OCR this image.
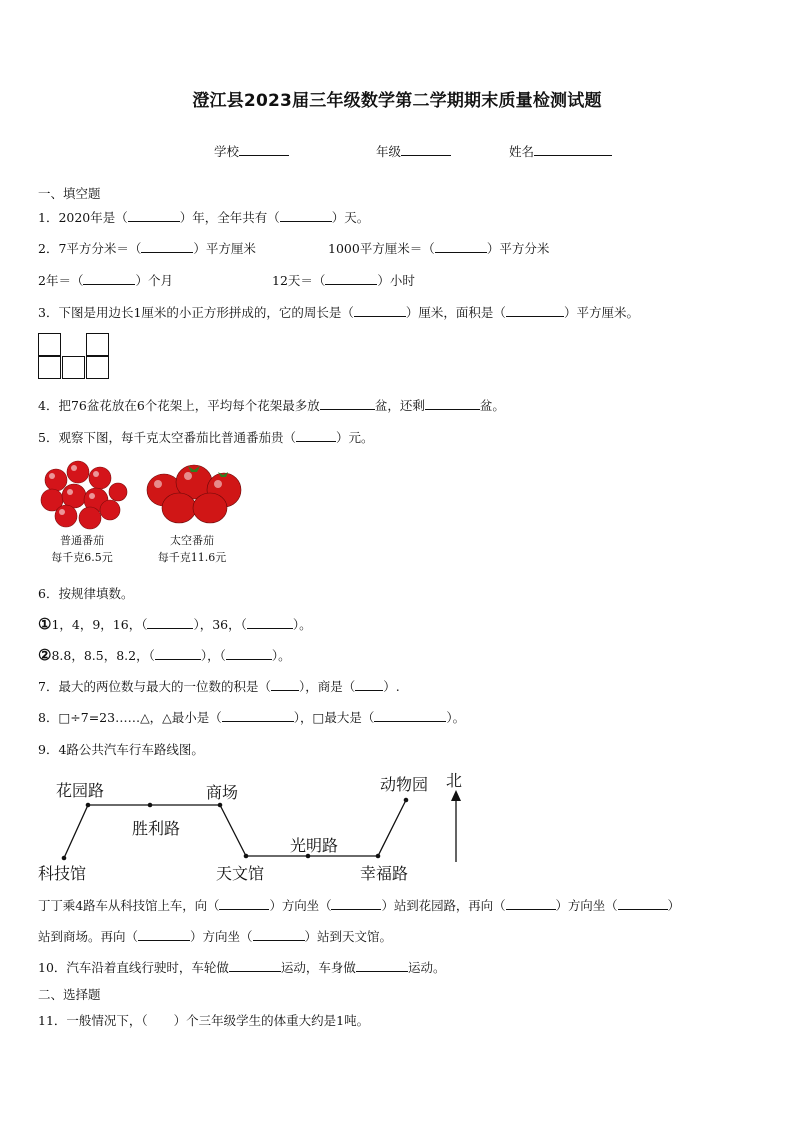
澄江县2023届三年级数学第二学期期末质量检测试题
学校	年级	姓名
一、填空题
1．2020年是（	）年，全年共有（	）天。
2．7平方分米＝（	）平方厘米	1000平方厘米＝（	）平方分米
2年＝（	）个月	12天＝（	）小时
3．下图是用边长1厘米的小正方形拼成的，它的周长是（	）厘米，面积是（	）平方厘米。
4．把76盆花放在6个花架上，平均每个花架最多放	盆，还剩	盆。
5．观察下图，每千克太空番茄比普通番茄贵（	）元。
普通番茄
每千克6.5元
太空番茄
每千克11.6元
6．按规律填数。
①1，4，9，16，（	），36，（	）。
②8.8，8.5，8.2，（	），（	）。
7．最大的两位数与最大的一位数的积是（ ），商是（ ）.
8．□÷7=23……△，△最小是（	），□最大是（	）。
9．4路公共汽车行车路线图。
花园路	商场
胜利路
光明路
动物园
科技馆	天文馆	幸福路
北
丁丁乘4路车从科技馆上车，向（	）方向坐（	）站到花园路，再向（	）方向坐（	）
站到商场。再向（	）方向坐（	）站到天文馆。
10．汽车沿着直线行驶时，车轮做	运动，车身做	运动。
二、选择题
11．一般情况下，（ ）个三年级学生的体重大约是1吨。
